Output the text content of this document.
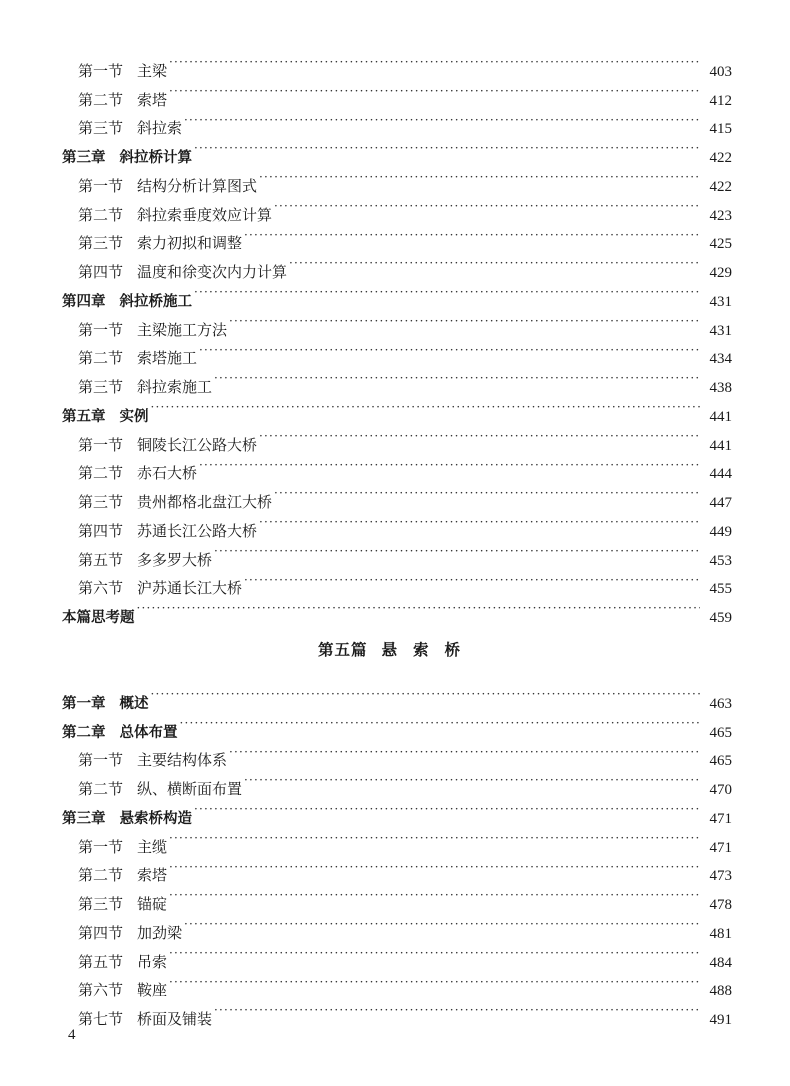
第一节 主梁 ·····	403
第二节 索塔 ·····	412
第三节 斜拉索 ·····	415
第三章 斜拉桥计算 ·····	422
第一节 结构分析计算图式 ·····	422
第二节 斜拉索垂度效应计算 ·····	423
第三节 索力初拟和调整 ·····	425
第四节 温度和徐变次内力计算 ·····	429
第四章 斜拉桥施工 ·····	431
第一节 主梁施工方法 ·····	431
第二节 索塔施工 ·····	434
第三节 斜拉索施工 ·····	438
第五章 实例 ·····	441
第一节 铜陵长江公路大桥 ·····	441
第二节 赤石大桥 ·····	444
第三节 贵州都格北盘江大桥 ·····	447
第四节 苏通长江公路大桥 ·····	449
第五节 多多罗大桥 ·····	453
第六节 沪苏通长江大桥 ·····	455
本篇思考题 ·····	459
第五篇 悬索桥
第一章 概述 ·····	463
第二章 总体布置 ·····	465
第一节 主要结构体系 ·····	465
第二节 纵、横断面布置 ·····	470
第三章 悬索桥构造 ·····	471
第一节 主缆 ·····	471
第二节 索塔 ·····	473
第三节 锚碇 ·····	478
第四节 加劲梁 ·····	481
第五节 吊索 ·····	484
第六节 鞍座 ·····	488
第七节 桥面及铺装 ·····	491
4
